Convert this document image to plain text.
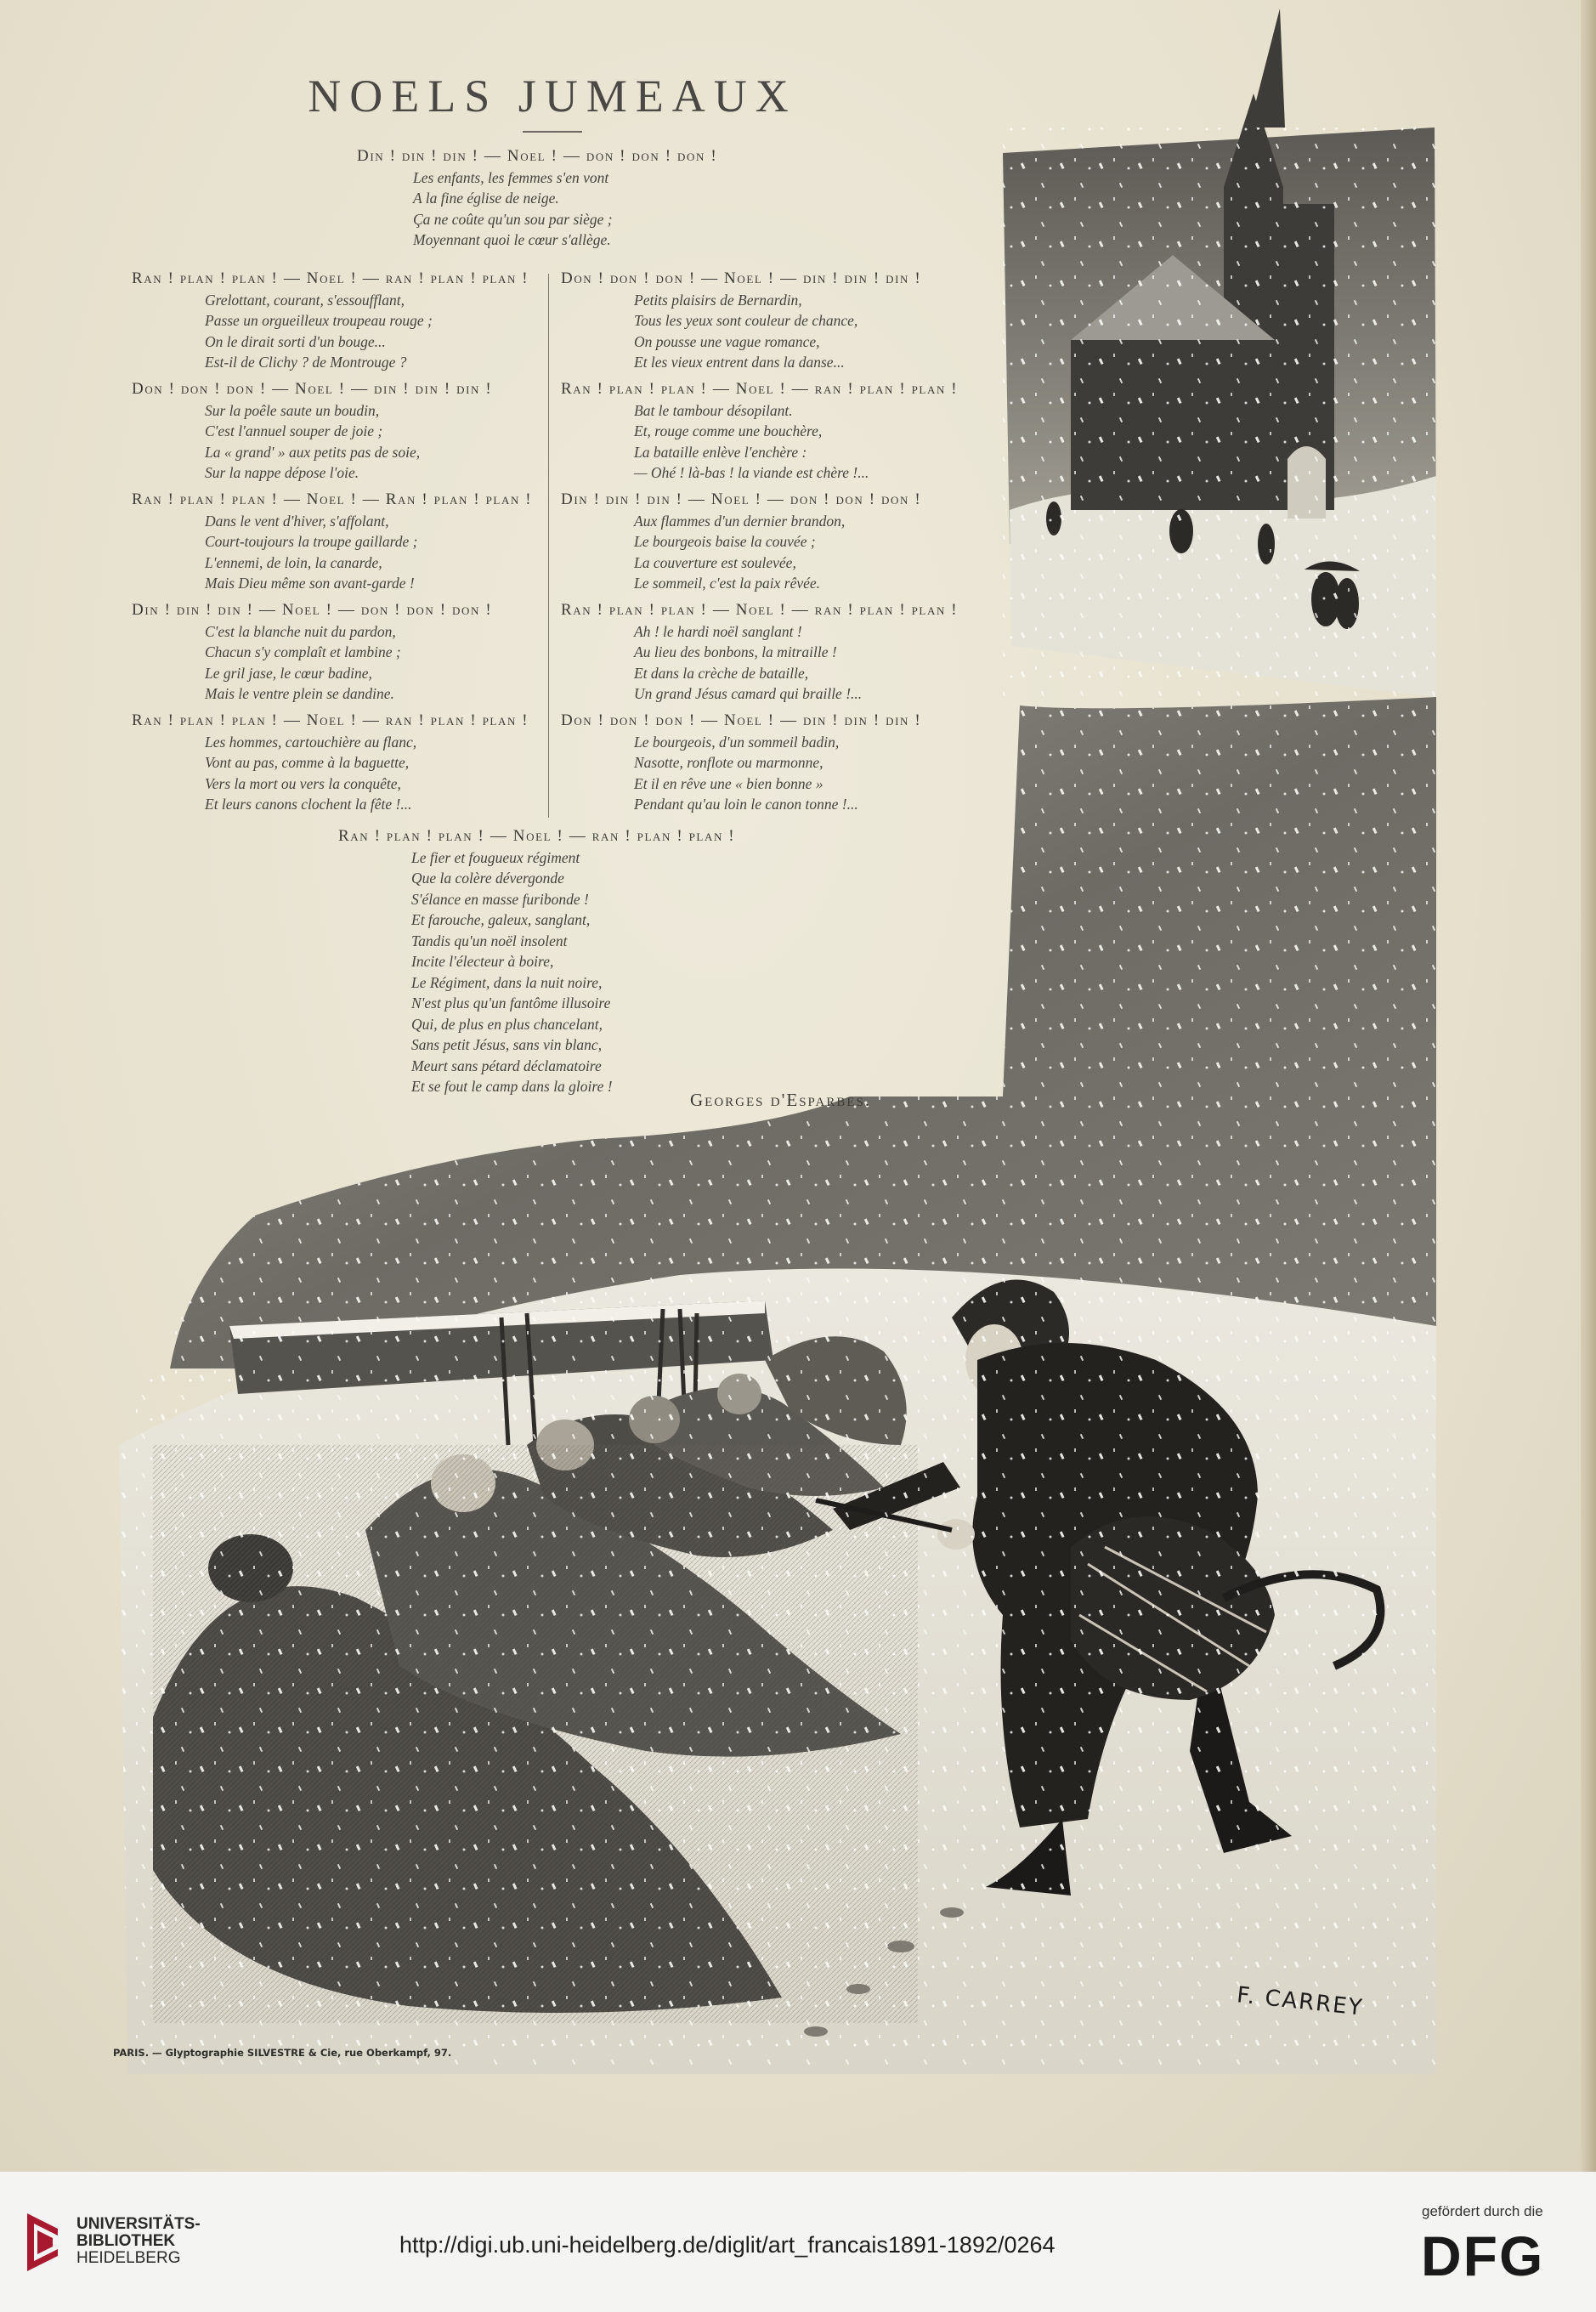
NOELS JUMEAUX
Din ! din ! din ! — Noel ! — don ! don ! don !
Les enfants, les femmes s'en vont
A la fine église de neige.
Ça ne coûte qu'un sou par siège ;
Moyennant quoi le cœur s'allège.
Ran ! plan ! plan ! — Noel ! — ran ! plan ! plan !
Grelottant, courant, s'essoufflant,
Passe un orgueilleux troupeau rouge ;
On le dirait sorti d'un bouge...
Est-il de Clichy ? de Montrouge ?
Don ! don ! don ! — Noel ! — din ! din ! din !
Petits plaisirs de Bernardin,
Tous les yeux sont couleur de chance,
On pousse une vague romance,
Et les vieux entrent dans la danse...
Don ! don ! don ! — Noel ! — din ! din ! din !
Sur la poêle saute un boudin,
C'est l'annuel souper de joie ;
La « grand' » aux petits pas de soie,
Sur la nappe dépose l'oie.
Ran ! plan ! plan ! — Noel ! — ran ! plan ! plan !
Bat le tambour désopilant.
Et, rouge comme une bouchère,
La bataille enlève l'enchère :
— Ohé ! là-bas ! la viande est chère !...
Ran ! plan ! plan ! — Noel ! — Ran ! plan ! plan !
Dans le vent d'hiver, s'affolant,
Court-toujours la troupe gaillarde ;
L'ennemi, de loin, la canarde,
Mais Dieu même son avant-garde !
Din ! din ! din ! — Noel ! — don ! don ! don !
Aux flammes d'un dernier brandon,
Le bourgeois baise la couvée ;
La couverture est soulevée,
Le sommeil, c'est la paix rêvée.
Din ! din ! din ! — Noel ! — don ! don ! don !
C'est la blanche nuit du pardon,
Chacun s'y complaît et lambine ;
Le gril jase, le cœur badine,
Mais le ventre plein se dandine.
Ran ! plan ! plan ! — Noel ! — ran ! plan ! plan !
Ah ! le hardi noël sanglant !
Au lieu des bonbons, la mitraille !
Et dans la crèche de bataille,
Un grand Jésus camard qui braille !...
Ran ! plan ! plan ! — Noel ! — ran ! plan ! plan !
Les hommes, cartouchière au flanc,
Vont au pas, comme à la baguette,
Vers la mort ou vers la conquête,
Et leurs canons clochent la fête !...
Don ! don ! don ! — Noel ! — din ! din ! din !
Le bourgeois, d'un sommeil badin,
Nasotte, ronflote ou marmonne,
Et il en rêve une « bien bonne »
Pendant qu'au loin le canon tonne !...
Ran ! plan ! plan ! — Noel ! — ran ! plan ! plan !
Le fier et fougueux régiment
Que la colère dévergonde
S'élance en masse furibonde !
Et farouche, galeux, sanglant,
Tandis qu'un noël insolent
Incite l'électeur à boire,
Le Régiment, dans la nuit noire,
N'est plus qu'un fantôme illusoire
Qui, de plus en plus chancelant,
Sans petit Jésus, sans vin blanc,
Meurt sans pétard déclamatoire
Et se fout le camp dans la gloire !
Georges d'Esparbes.
F. CARREY
PARIS. — Glyptographie SILVESTRE & Cie, rue Oberkampf, 97.
UNIVERSITÄTS-
BIBLIOTHEK
HEIDELBERG
http://digi.ub.uni-heidelberg.de/diglit/art_francais1891-1892/0264
gefördert durch die
DFG
